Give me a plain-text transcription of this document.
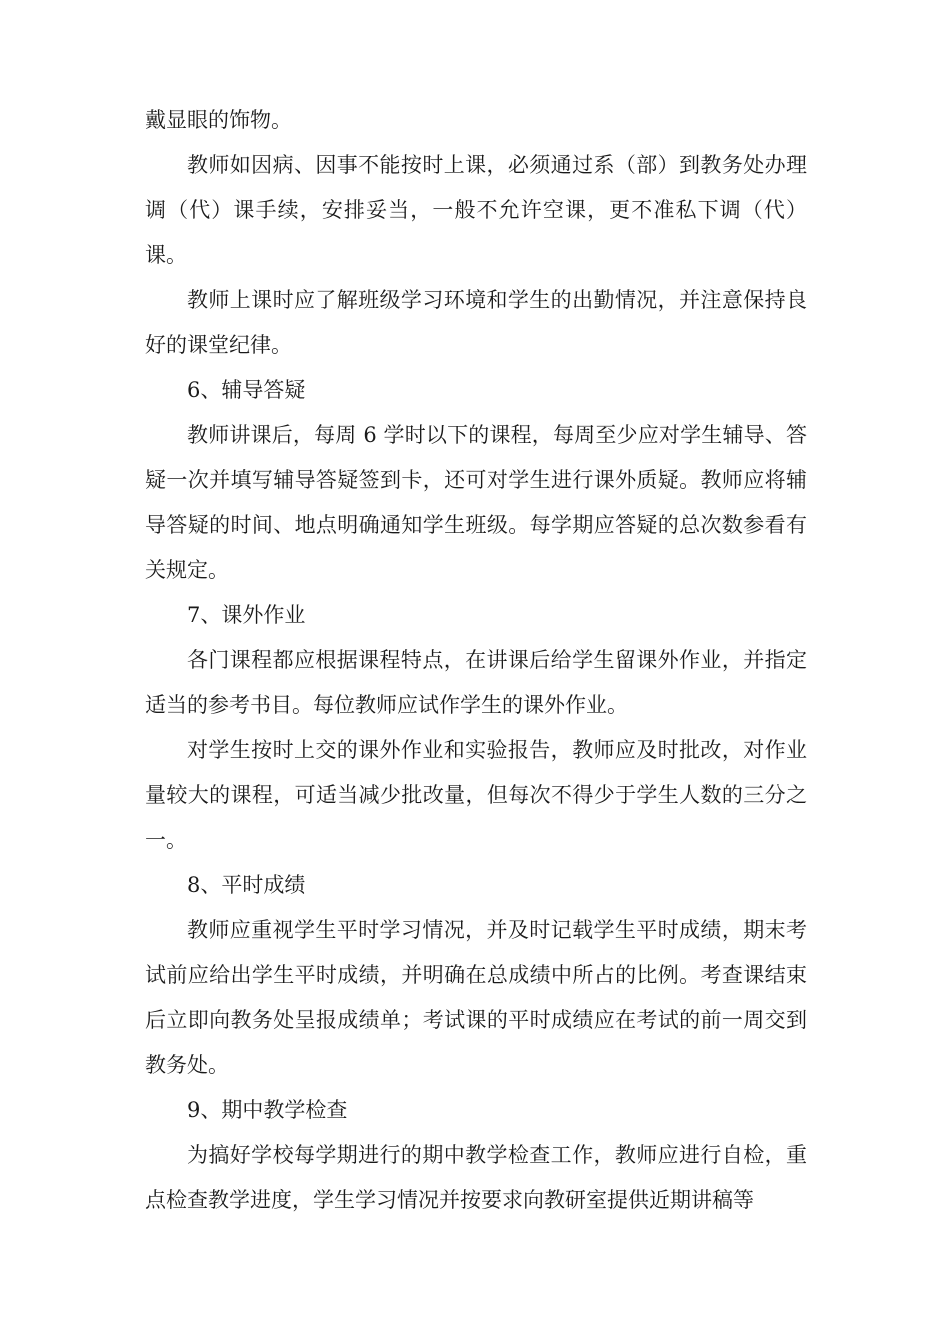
戴显眼的饰物。

教师如因病、因事不能按时上课，必须通过系（部）到教务处办理调（代）课手续，安排妥当，一般不允许空课，更不准私下调（代）课。

教师上课时应了解班级学习环境和学生的出勤情况，并注意保持良好的课堂纪律。

6、辅导答疑

教师讲课后，每周 6 学时以下的课程，每周至少应对学生辅导、答疑一次并填写辅导答疑签到卡，还可对学生进行课外质疑。教师应将辅导答疑的时间、地点明确通知学生班级。每学期应答疑的总次数参看有关规定。

7、课外作业

各门课程都应根据课程特点，在讲课后给学生留课外作业，并指定适当的参考书目。每位教师应试作学生的课外作业。

对学生按时上交的课外作业和实验报告，教师应及时批改，对作业量较大的课程，可适当减少批改量，但每次不得少于学生人数的三分之一。

8、平时成绩

教师应重视学生平时学习情况，并及时记载学生平时成绩，期末考试前应给出学生平时成绩，并明确在总成绩中所占的比例。考查课结束后立即向教务处呈报成绩单；考试课的平时成绩应在考试的前一周交到教务处。

9、期中教学检查

为搞好学校每学期进行的期中教学检查工作，教师应进行自检，重点检查教学进度，学生学习情况并按要求向教研室提供近期讲稿等
